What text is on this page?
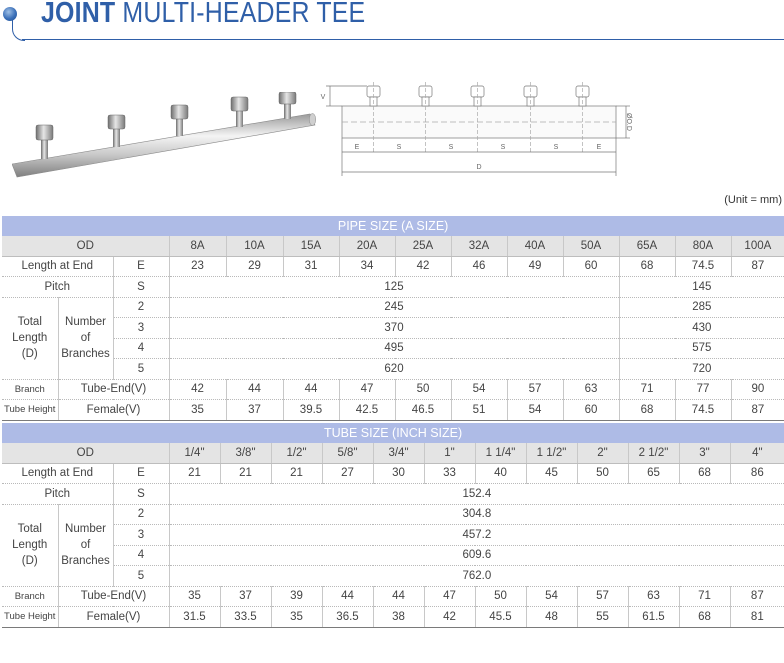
JOINT MULTI-HEADER TEE
V
ØO.D
E	S	S	S	S	E
D
(Unit = mm)
PIPE SIZE (A SIZE)													
OD			8A	10A	15A	20A	25A	32A	40A	50A	65A	80A	100A
Length at End		E	23	29	31	34	42	46	49	60	68	74.5	87
Pitch		S	125								145		
Total
Length
(D)	Number
of
Branches	2	245								285		
		3	370								430		
		4	495								575		
		5	620								720		
Branch	Tube-End(V)		42	44	44	47	50	54	57	63	71	77	90
Tube Height	Female(V)		35	37	39.5	42.5	46.5	51	54	60	68	74.5	87
TUBE SIZE (INCH SIZE)														
OD			1/4"	3/8"	1/2"	5/8"	3/4"	1"	1 1/4"	1 1/2"	2"	2 1/2"	3"	4"
Length at End		E	21	21	21	27	30	33	40	45	50	65	68	86
Pitch		S	152.4											
Total
Length
(D)	Number
of
Branches	2	304.8											
		3	457.2											
		4	609.6											
		5	762.0											
Branch	Tube-End(V)		35	37	39	44	44	47	50	54	57	63	71	87
Tube Height	Female(V)		31.5	33.5	35	36.5	38	42	45.5	48	55	61.5	68	81
